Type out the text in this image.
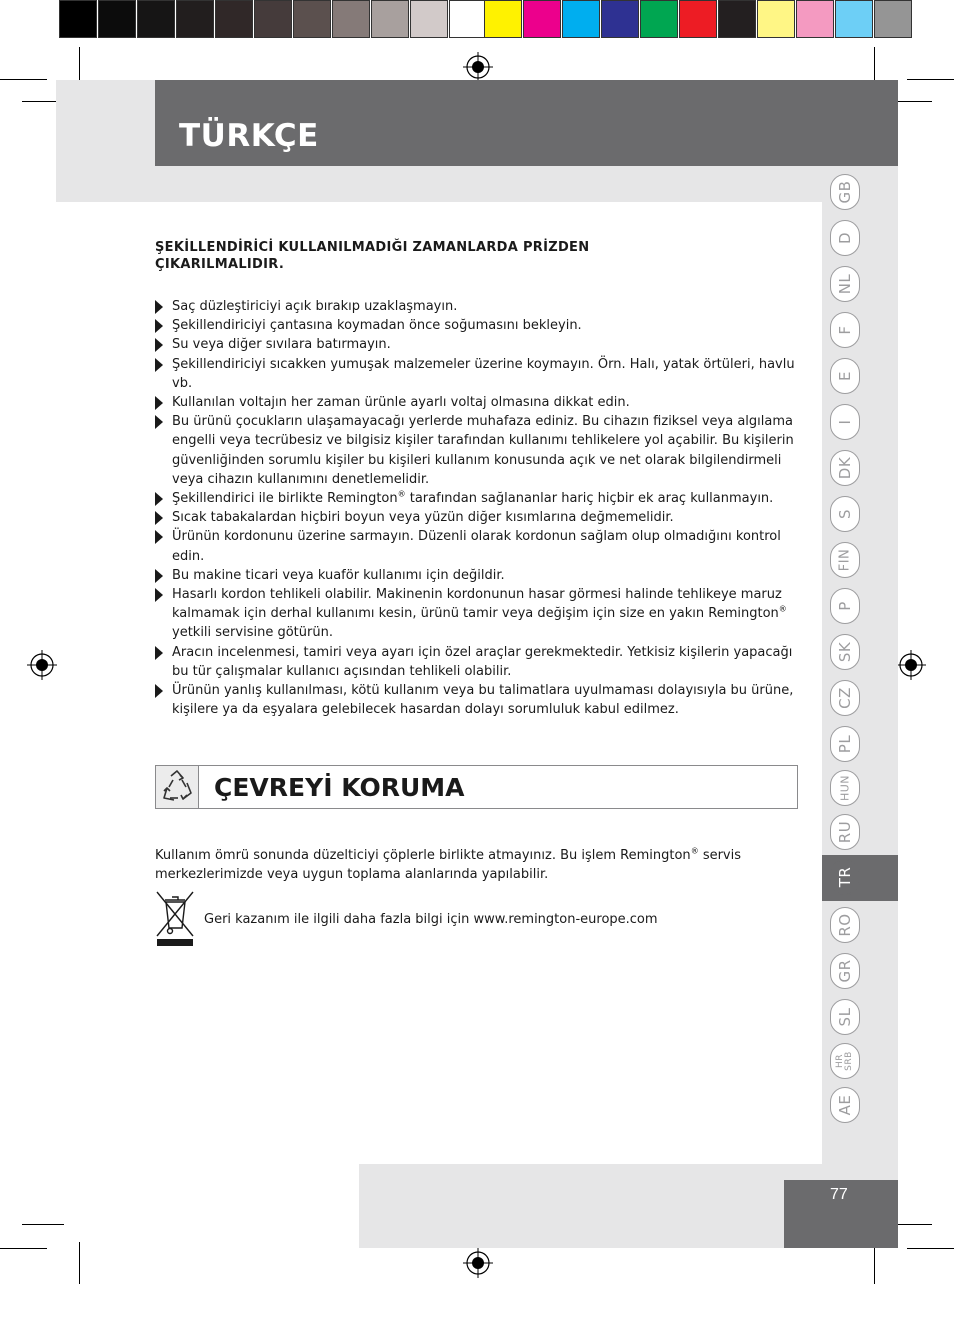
TÜRKÇE
GB
D
NL
F
E
I
DK
S
FIN
P
SK
CZ
PL
HUN
RU
TR
RO
GR
SL
HR SRB
AE
77
ŞEKİLLENDİRİCİ KULLANILMADIĞI ZAMANLARDA PRİZDEN ÇIKARILMALIDIR.
Saç düzleştiriciyi açık bırakıp uzaklaşmayın.
Şekillendiriciyi çantasına koymadan önce soğumasını bekleyin.
Su veya diğer sıvılara batırmayın.
Şekillendiriciyi sıcakken yumuşak malzemeler üzerine koymayın. Örn. Halı, yatak örtüleri, havlu vb.
Kullanılan voltajın her zaman ürünle ayarlı voltaj olmasına dikkat edin.
Bu ürünü çocukların ulaşamayacağı yerlerde muhafaza ediniz. Bu cihazın fiziksel veya algılama engelli veya tecrübesiz ve bilgisiz kişiler tarafından kullanımı tehlikelere yol açabilir. Bu kişilerin güvenliğinden sorumlu kişiler bu kişileri kullanım konusunda açık ve net olarak bilgilendirmeli veya cihazın kullanımını denetlemelidir.
Şekillendirici ile birlikte Remington® tarafından sağlananlar hariç hiçbir ek araç kullanmayın.
Sıcak tabakalardan hiçbiri boyun veya yüzün diğer kısımlarına değmemelidir.
Ürünün kordonunu üzerine sarmayın. Düzenli olarak kordonun sağlam olup olmadığını kontrol edin.
Bu makine ticari veya kuaför kullanımı için değildir.
Hasarlı kordon tehlikeli olabilir. Makinenin kordonunun hasar görmesi halinde tehlikeye maruz kalmamak için derhal kullanımı kesin, ürünü tamir veya değişim için size en yakın Remington® yetkili servisine götürün.
Aracın incelenmesi, tamiri veya ayarı için özel araçlar gerekmektedir. Yetkisiz kişilerin yapacağı bu tür çalışmalar kullanıcı açısından tehlikeli olabilir.
Ürünün yanlış kullanılması, kötü kullanım veya bu talimatlara uyulmaması dolayısıyla bu ürüne, kişilere ya da eşyalara gelebilecek hasardan dolayı sorumluluk kabul edilmez.
ÇEVREYİ KORUMA
Kullanım ömrü sonunda düzelticiyi çöplerle birlikte atmayınız. Bu işlem Remington® servis merkezlerimizde veya uygun toplama alanlarında yapılabilir.
Geri kazanım ile ilgili daha fazla bilgi için www.remington-europe.com
